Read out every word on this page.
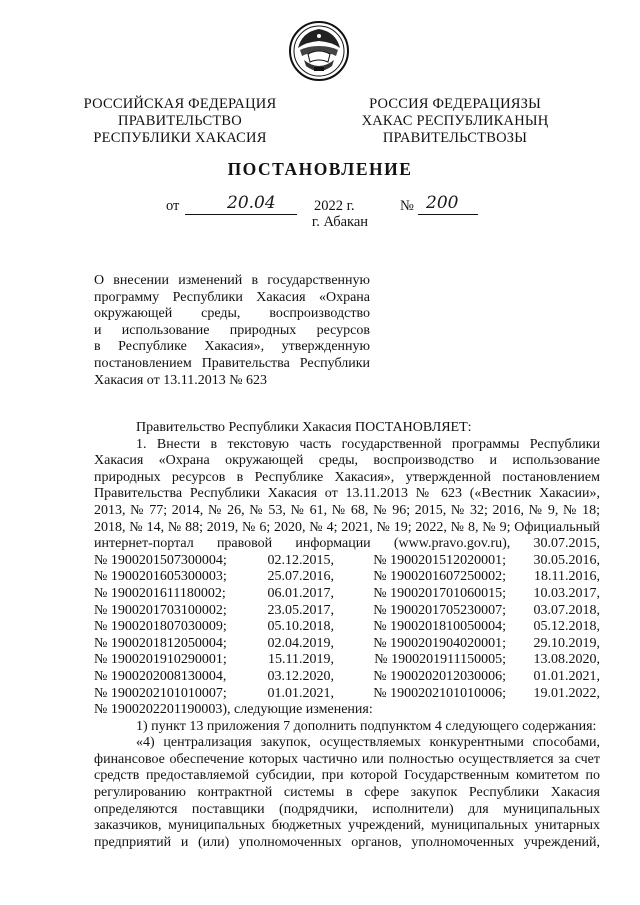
РОССИЙСКАЯ ФЕДЕРАЦИЯ
ПРАВИТЕЛЬСТВО
РЕСПУБЛИКИ ХАКАСИЯ
РОССИЯ ФЕДЕРАЦИЯЗЫ
ХАКАС РЕСПУБЛИКАНЫҢ
ПРАВИТЕЛЬСТВОЗЫ
ПОСТАНОВЛЕНИЕ
от	20.04	2022 г.	№ 200
г. Абакан
О внесении изменений в государственную
программу Республики Хакасия «Охрана
окружающей среды, воспроизводство
и использование природных ресурсов
в Республике Хакасия», утвержденную
постановлением Правительства Республики
Хакасия от 13.11.2013 № 623
Правительство Республики Хакасия ПОСТАНОВЛЯЕТ:
1. Внести в текстовую часть государственной программы Республики
Хакасия «Охрана окружающей среды, воспроизводство и использование
природных ресурсов в Республике Хакасия», утвержденной постановлением
Правительства Республики Хакасия от 13.11.2013 № 623 («Вестник Хакасии»,
2013, № 77; 2014, № 26, № 53, № 61, № 68, № 96; 2015, № 32; 2016, № 9, № 18;
2018, № 14, № 88; 2019, № 6; 2020, № 4; 2021, № 19; 2022, № 8, № 9; Официальный
интернет-портал правовой информации (www.pravo.gov.ru), 30.07.2015,
№ 1900201507300004;	02.12.2015,	№ 1900201512020001;	30.05.2016,
№ 1900201605300003;	25.07.2016,	№ 1900201607250002;	18.11.2016,
№ 1900201611180002;	06.01.2017,	№ 1900201701060015;	10.03.2017,
№ 1900201703100002;	23.05.2017,	№ 1900201705230007;	03.07.2018,
№ 1900201807030009;	05.10.2018,	№ 1900201810050004;	05.12.2018,
№ 1900201812050004;	02.04.2019,	№ 1900201904020001;	29.10.2019,
№ 1900201910290001;	15.11.2019,	№ 1900201911150005;	13.08.2020,
№ 1900202008130004,	03.12.2020,	№ 1900202012030006;	01.01.2021,
№ 1900202101010007;	01.01.2021,	№ 1900202101010006;	19.01.2022,
№ 1900202201190003), следующие изменения:
1) пункт 13 приложения 7 дополнить подпунктом 4 следующего содержания:
«4) централизация закупок, осуществляемых конкурентными способами,
финансовое обеспечение которых частично или полностью осуществляется за счет
средств предоставляемой субсидии, при которой Государственным комитетом по
регулированию контрактной системы в сфере закупок Республики Хакасия
определяются поставщики (подрядчики, исполнители) для муниципальных
заказчиков, муниципальных бюджетных учреждений, муниципальных унитарных
предприятий и (или) уполномоченных органов, уполномоченных учреждений,
